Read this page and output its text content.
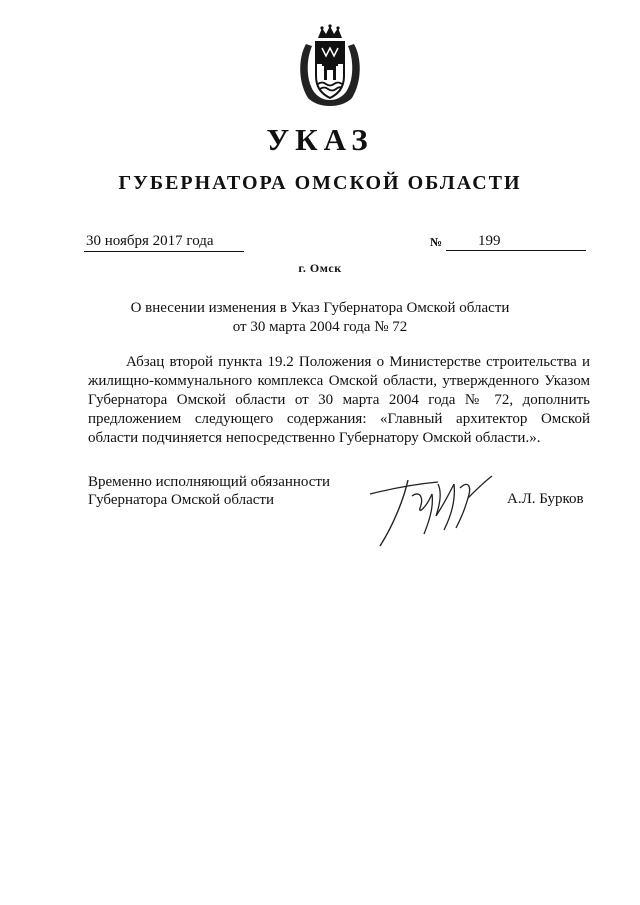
УКАЗ
ГУБЕРНАТОРА ОМСКОЙ ОБЛАСТИ
30 ноября 2017 года	№ 199
г. Омск
О внесении изменения в Указ Губернатора Омской области
от 30 марта 2004 года № 72
Абзац второй пункта 19.2 Положения о Министерстве строительства и жилищно-коммунального комплекса Омской области, утвержденного Указом Губернатора Омской области от 30 марта 2004 года № 72, дополнить предложением следующего содержания: «Главный архитектор Омской области подчиняется непосредственно Губернатору Омской области.».
Временно исполняющий обязанности
Губернатора Омской области	А.Л. Бурков
